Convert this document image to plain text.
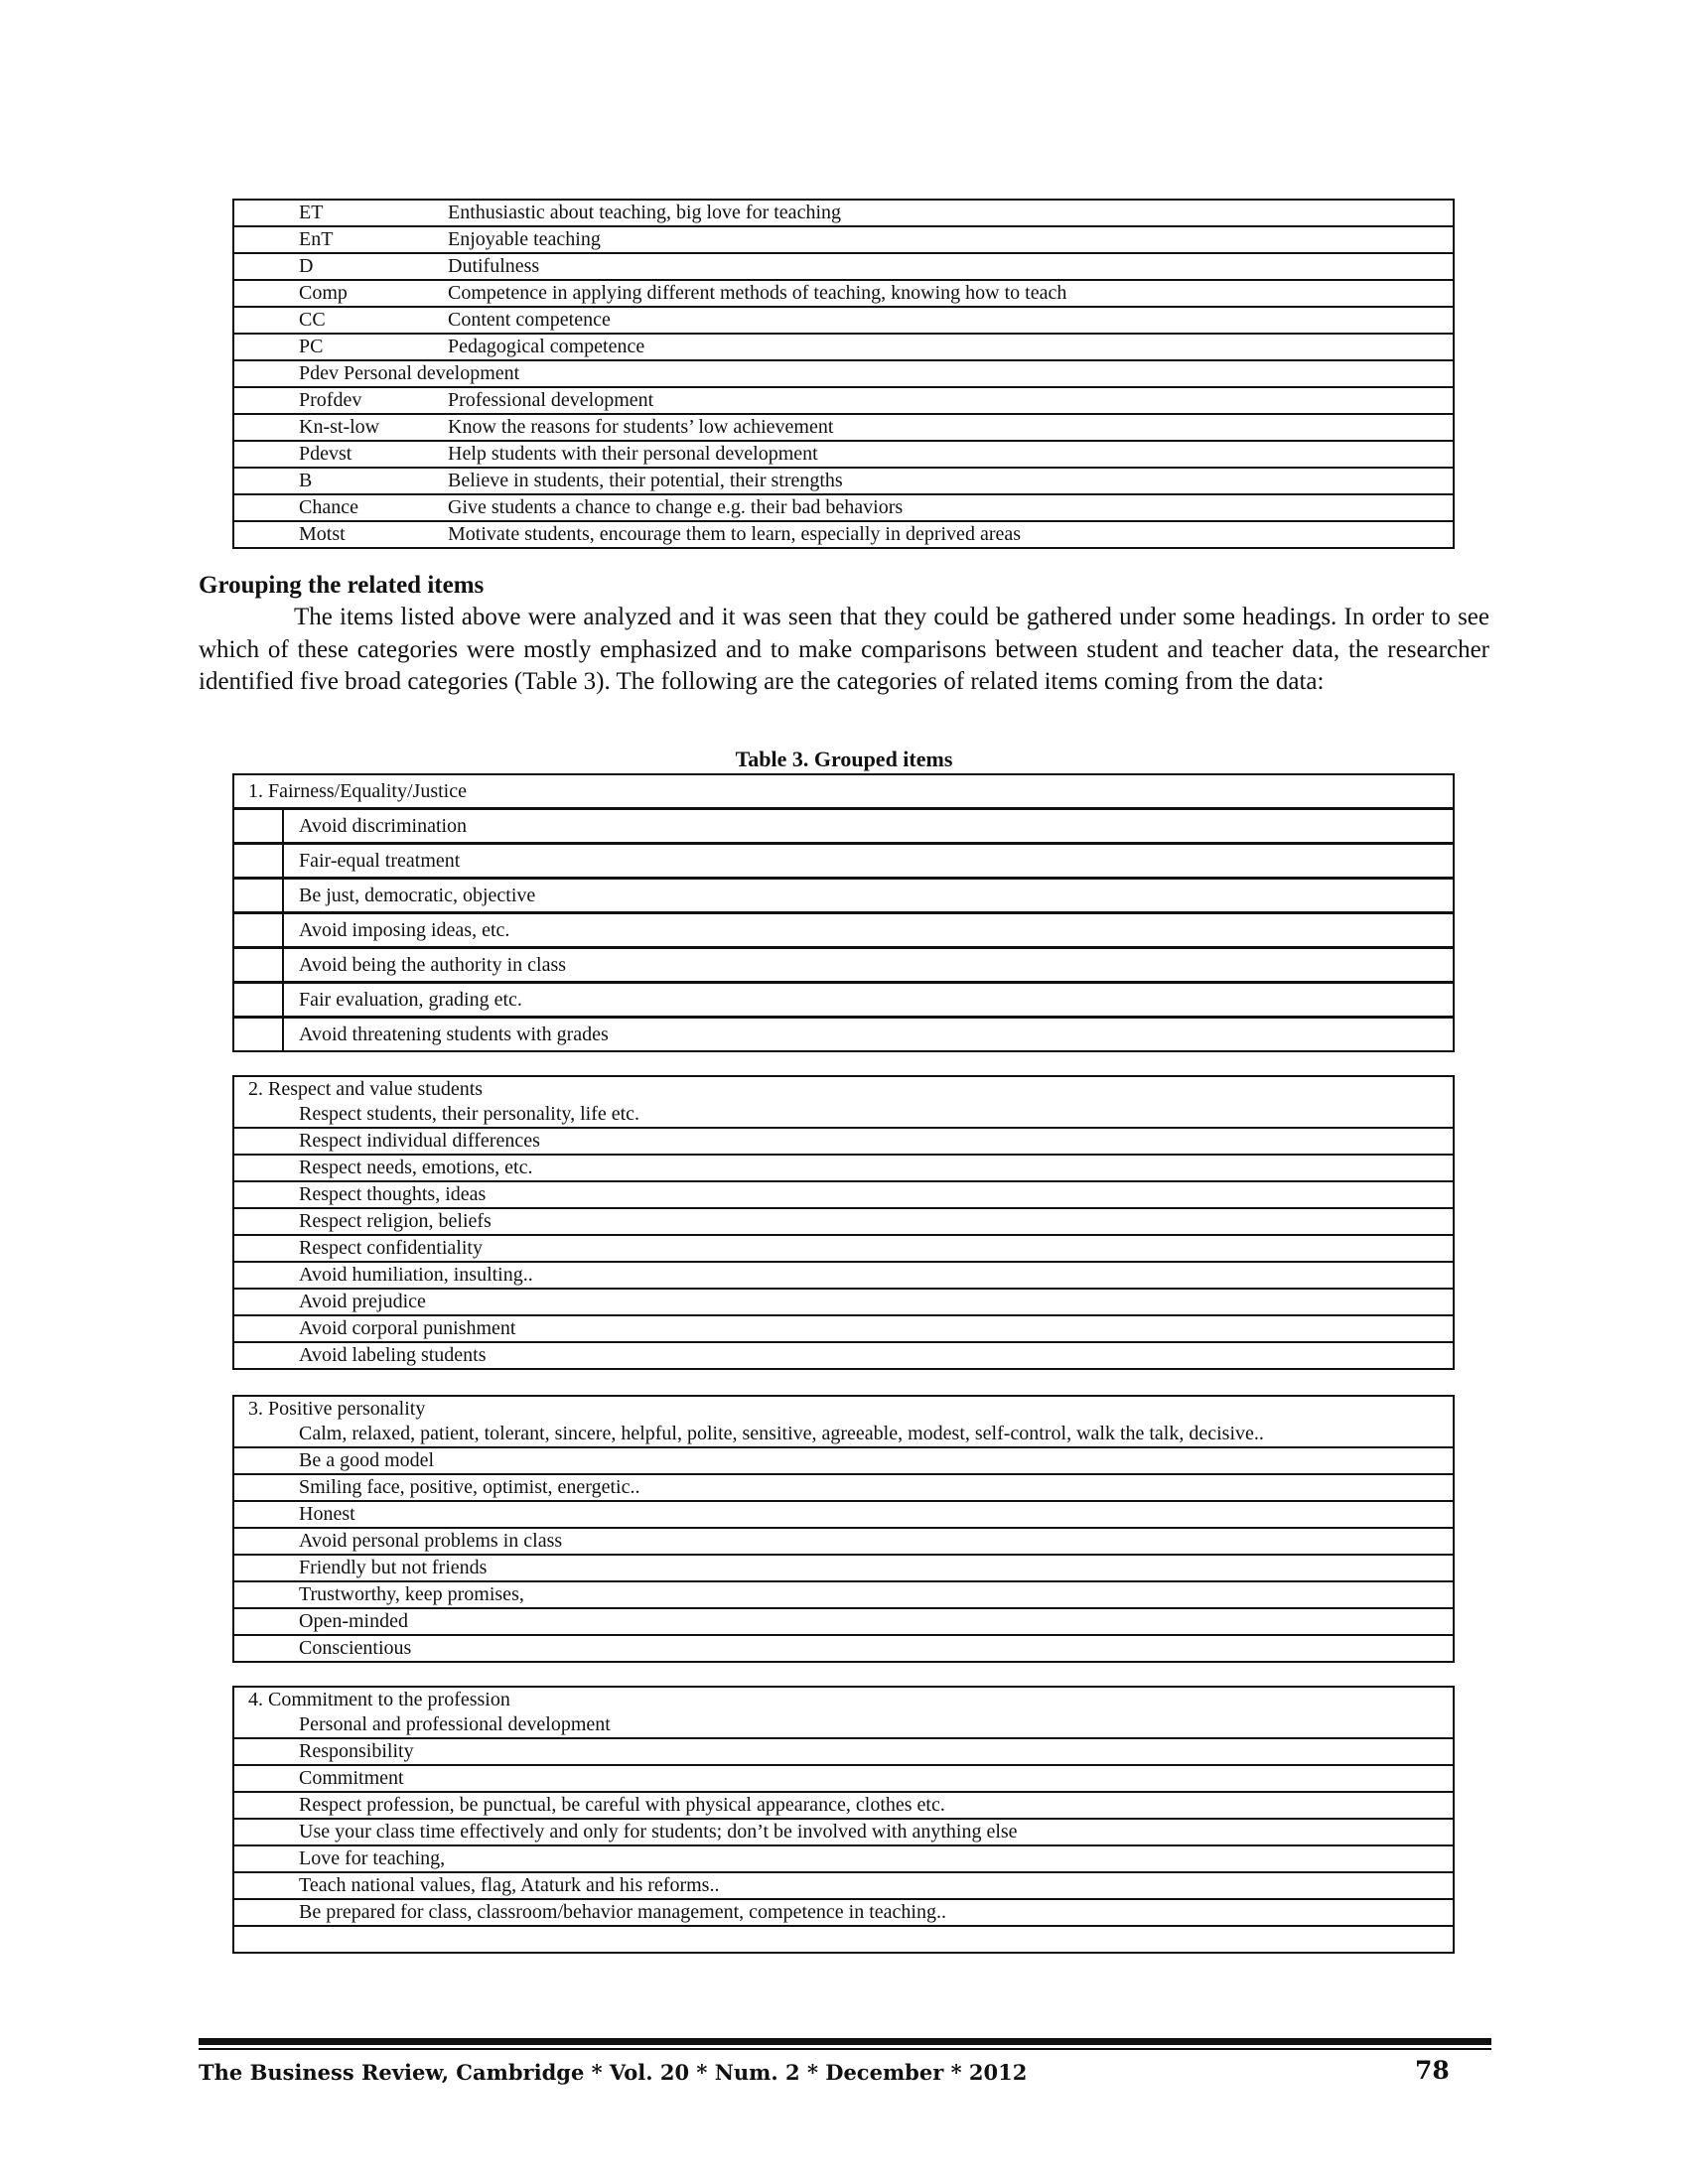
ET	Enthusiastic about teaching, big love for teaching
EnT	Enjoyable teaching
D	Dutifulness
Comp	Competence in applying different methods of teaching, knowing how to teach
CC	Content competence
PC	Pedagogical competence
Pdev Personal development	
Profdev	Professional development
Kn-st-low	Know the reasons for students’ low achievement
Pdevst	Help students with their personal development
B	Believe in students, their potential, their strengths
Chance	Give students a chance to change e.g. their bad behaviors
Motst	Motivate students, encourage them to learn, especially in deprived areas
Grouping the related items

The items listed above were analyzed and it was seen that they could be gathered under some headings. In order to see which of these categories were mostly emphasized and to make comparisons between student and teacher data, the researcher identified five broad categories (Table 3). The following are the categories of related items coming from the data:

Table 3. Grouped items

1. Fairness/Equality/Justice	
	Avoid discrimination
	Fair-equal treatment
	Be just, democratic, objective
	Avoid imposing ideas, etc.
	Avoid being the authority in class
	Fair evaluation, grading etc.
	Avoid threatening students with grades
2. Respect and value students
Respect students, their personality, life etc.
Respect individual differences
Respect needs, emotions, etc.
Respect thoughts, ideas
Respect religion, beliefs
Respect confidentiality
Avoid humiliation, insulting..
Avoid prejudice
Avoid corporal punishment
Avoid labeling students
3. Positive personality
Calm, relaxed, patient, tolerant, sincere, helpful, polite, sensitive, agreeable, modest, self-control, walk the talk, decisive..
Be a good model
Smiling face, positive, optimist, energetic..
Honest
Avoid personal problems in class
Friendly but not friends
Trustworthy, keep promises,
Open-minded
Conscientious
4. Commitment to the profession
Personal and professional development
Responsibility
Commitment
Respect profession, be punctual, be careful with physical appearance, clothes etc.
Use your class time effectively and only for students; don’t be involved with anything else
Love for teaching,
Teach national values, flag, Ataturk and his reforms..
Be prepared for class, classroom/behavior management, competence in teaching..

The Business Review, Cambridge * Vol. 20 * Num. 2 * December * 2012	78
